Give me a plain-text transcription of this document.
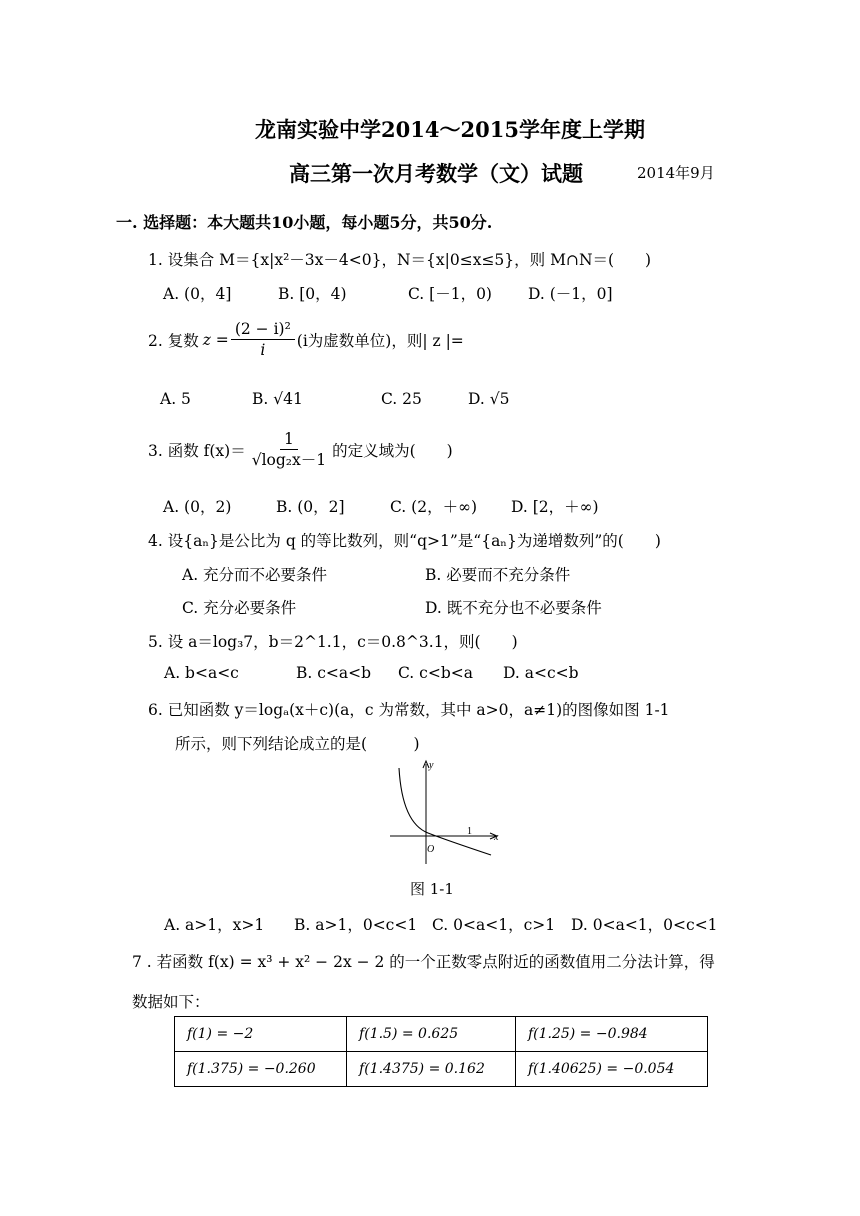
龙南实验中学2014～2015学年度上学期
高三第一次月考数学（文）试题	2014年9月
一. 选择题：本大题共10小题，每小题5分，共50分.
1. 设集合 M＝{x|x²－3x－4<0}，N＝{x|0≤x≤5}，则 M∩N＝(　　)
A. (0，4]	B. [0，4)	C. [－1，0) D. (－1，0]
2. 复数 $z = \frac{\text{(2 − i)²}}{i} (i$为虚数单位)，则| z |=
A. 5	B. √41	C. 25	D. √5
3. 函数 $f(x)= \frac{1}{\text{√log₂x－1}}$ 的定义域为(　　)
A. (0，2)	B. (0，2]	C. (2，＋∞) D. [2，＋∞)
4. 设{aₙ}是公比为 q 的等比数列，则“q>1”是“{aₙ}为递增数列”的(　　)
A. 充分而不必要条件	B. 必要而不充分条件
C. 充分必要条件	D. 既不充分也不必要条件
5. 设 a＝log₃7，b＝2^1.1，c＝0.8^3.1，则(　　)
A. b<a<c	B. c<a<b C. c<b<a D. a<c<b
6. 已知函数 y＝logₐ(x＋c)(a，c 为常数，其中 a>0，a≠1)的图像如图 1-1
所示，则下列结论成立的是(　　　)
y
x
O
1
图 1-1
A. a>1，x>1 B. a>1，0<c<1 C. 0<a<1，c>1 D. 0<a<1，0<c<1
7 . 若函数 f(x) = x³ + x² − 2x − 2 的一个正数零点附近的函数值用二分法计算，得
数据如下：
f(1) = −2	f(1.5) = 0.625	f(1.25) = −0.984
f(1.375) = −0.260	f(1.4375) = 0.162	f(1.40625) = −0.054
